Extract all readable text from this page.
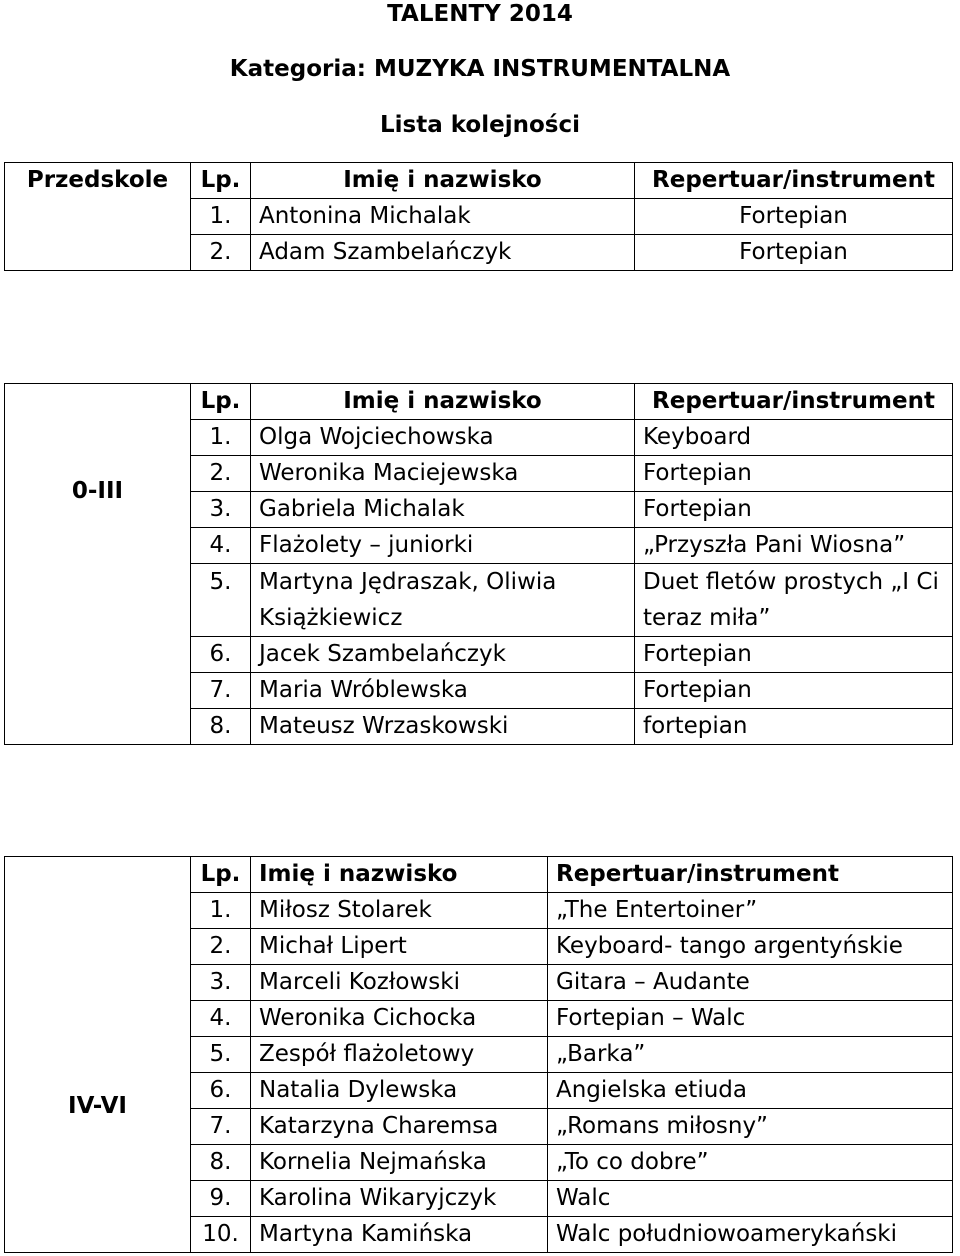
TALENTY 2014
Kategoria: MUZYKA INSTRUMENTALNA
Lista kolejności
Przedskole	Lp.	Imię i nazwisko	Repertuar/instrument
	1.	Antonina Michalak	Fortepian
	2.	Adam Szambelańczyk	Fortepian
0-III	Lp.	Imię i nazwisko	Repertuar/instrument
	1.	Olga Wojciechowska	Keyboard
	2.	Weronika Maciejewska	Fortepian
	3.	Gabriela Michalak	Fortepian
	4.	Flażolety – juniorki	„Przyszła Pani Wiosna”
	5.	Martyna Jędraszak, Oliwia Książkiewicz	Duet fletów prostych „I Ci teraz miła”
	6.	Jacek Szambelańczyk	Fortepian
	7.	Maria Wróblewska	Fortepian
	8.	Mateusz Wrzaskowski	fortepian
IV-VI	Lp.	Imię i nazwisko	Repertuar/instrument
	1.	Miłosz Stolarek	„The Entertoiner”
	2.	Michał Lipert	Keyboard- tango argentyńskie
	3.	Marceli Kozłowski	Gitara – Audante
	4.	Weronika Cichocka	Fortepian – Walc
	5.	Zespół flażoletowy	„Barka”
	6.	Natalia Dylewska	Angielska etiuda
	7.	Katarzyna Charemsa	„Romans miłosny”
	8.	Kornelia Nejmańska	„To co dobre”
	9.	Karolina Wikaryjczyk	Walc
	10.	Martyna Kamińska	Walc południowoamerykański
